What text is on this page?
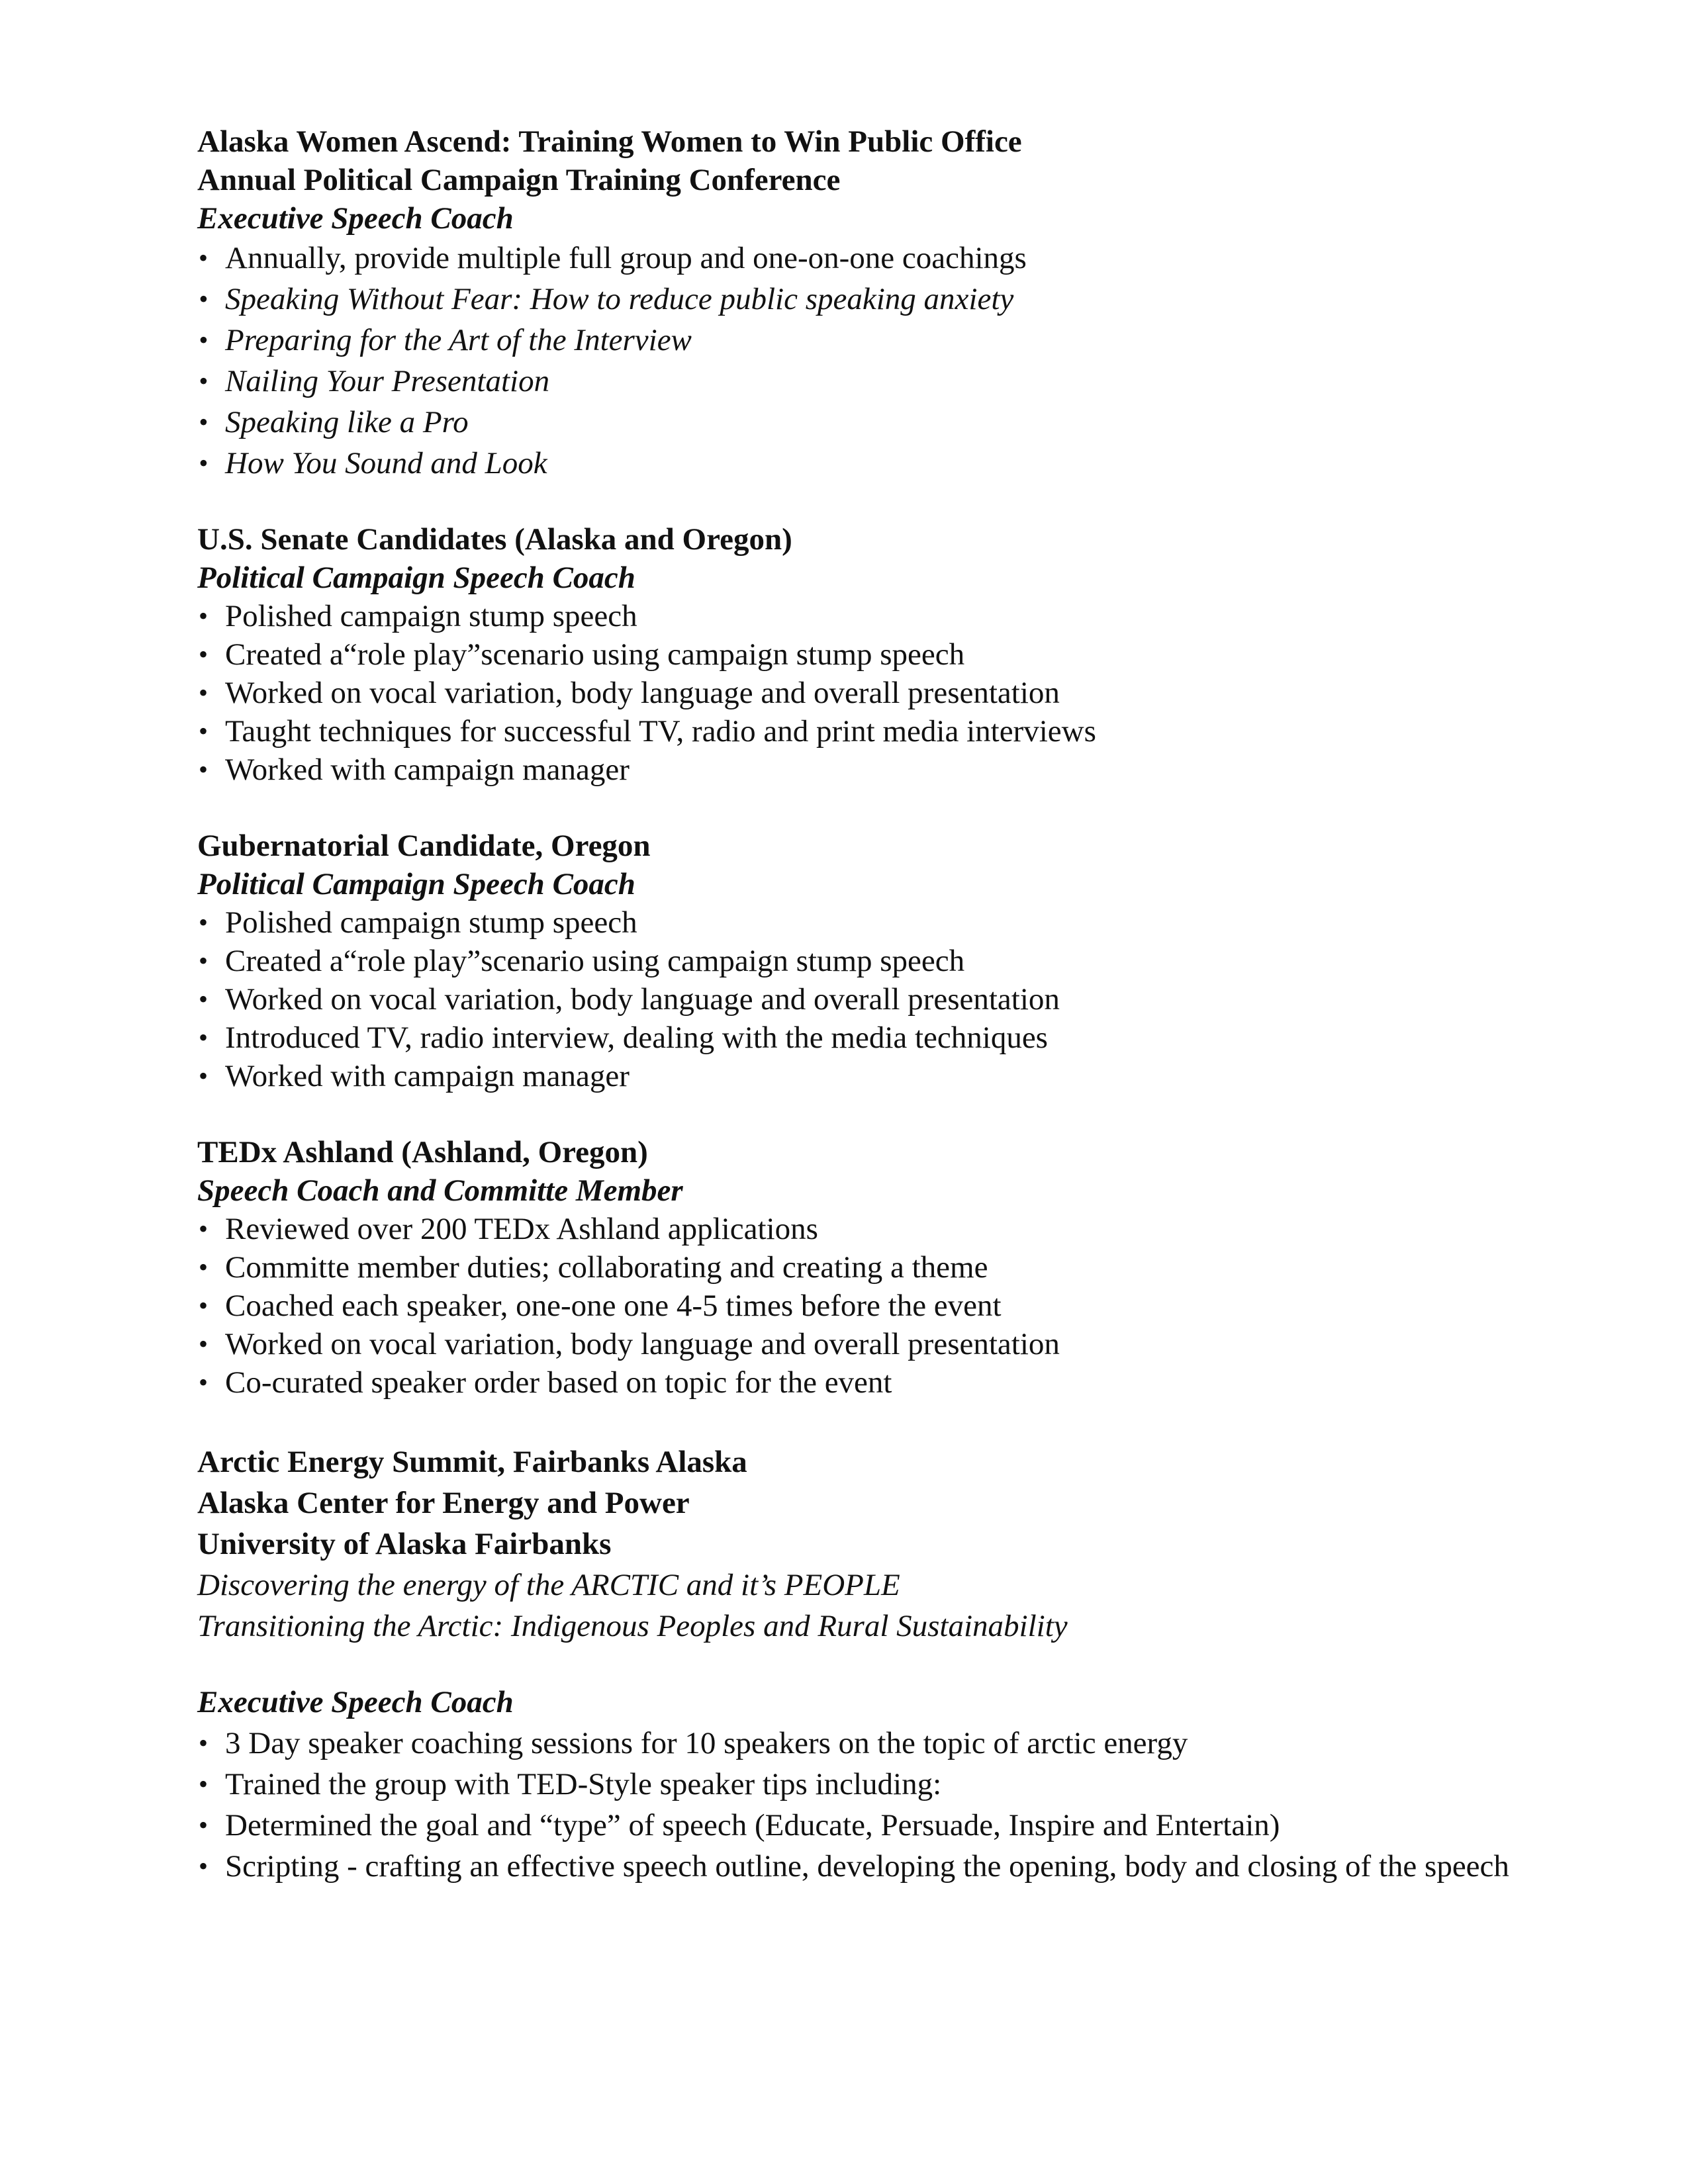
Alaska Women Ascend: Training Women to Win Public Office

Annual Political Campaign Training Conference

Executive Speech Coach

• Annually, provide multiple full group and one-on-one coachings
• Speaking Without Fear: How to reduce public speaking anxiety
• Preparing for the Art of the Interview
• Nailing Your Presentation
• Speaking like a Pro
• How You Sound and Look

U.S. Senate Candidates (Alaska and Oregon)

Political Campaign Speech Coach

• Polished campaign stump speech
• Created a“role play”scenario using campaign stump speech
• Worked on vocal variation, body language and overall presentation
• Taught techniques for successful TV, radio and print media interviews
• Worked with campaign manager

Gubernatorial Candidate, Oregon

Political Campaign Speech Coach

• Polished campaign stump speech
• Created a“role play”scenario using campaign stump speech
• Worked on vocal variation, body language and overall presentation
• Introduced TV, radio interview, dealing with the media techniques
• Worked with campaign manager

TEDx Ashland (Ashland, Oregon)

Speech Coach and Committe Member

• Reviewed over 200 TEDx Ashland applications
• Committe member duties; collaborating and creating a theme
• Coached each speaker, one-one one 4-5 times before the event
• Worked on vocal variation, body language and overall presentation
• Co-curated speaker order based on topic for the event

Arctic Energy Summit, Fairbanks Alaska

Alaska Center for Energy and Power

University of Alaska Fairbanks

Discovering the energy of the ARCTIC and it’s PEOPLE

Transitioning the Arctic: Indigenous Peoples and Rural Sustainability

Executive Speech Coach

• 3 Day speaker coaching sessions for 10 speakers on the topic of arctic energy
• Trained the group with TED-Style speaker tips including:
• Determined the goal and “type” of speech (Educate, Persuade, Inspire and Entertain)
• Scripting - crafting an effective speech outline, developing the opening, body and closing of the speech
